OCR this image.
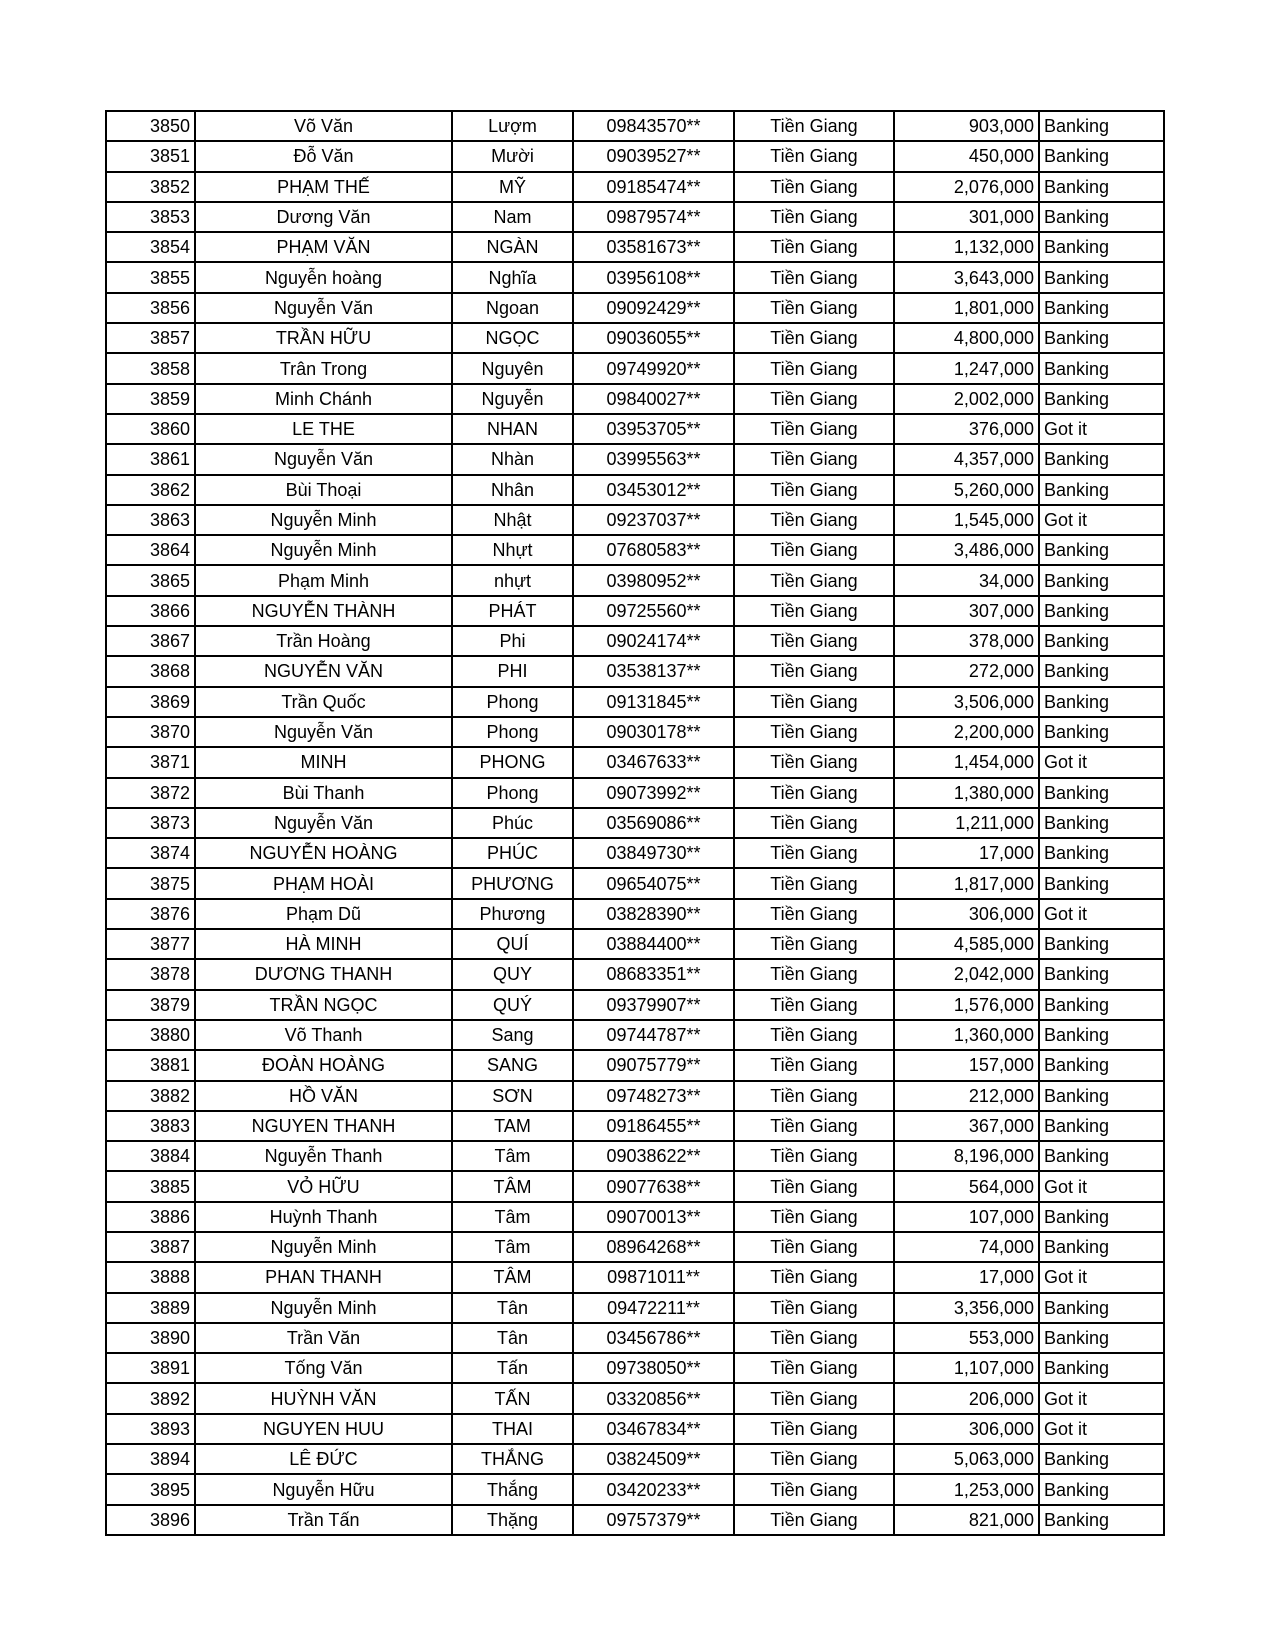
3850	Võ Văn	Lượm	09843570**	Tiền Giang	903,000	Banking
3851	Đỗ Văn	Mười	09039527**	Tiền Giang	450,000	Banking
3852	PHẠM THẾ	MỸ	09185474**	Tiền Giang	2,076,000	Banking
3853	Dương Văn	Nam	09879574**	Tiền Giang	301,000	Banking
3854	PHẠM VĂN	NGÀN	03581673**	Tiền Giang	1,132,000	Banking
3855	Nguyễn hoàng	Nghĩa	03956108**	Tiền Giang	3,643,000	Banking
3856	Nguyễn Văn	Ngoan	09092429**	Tiền Giang	1,801,000	Banking
3857	TRẦN HỮU	NGỌC	09036055**	Tiền Giang	4,800,000	Banking
3858	Trân Trong	Nguyên	09749920**	Tiền Giang	1,247,000	Banking
3859	Minh Chánh	Nguyễn	09840027**	Tiền Giang	2,002,000	Banking
3860	LE THE	NHAN	03953705**	Tiền Giang	376,000	Got it
3861	Nguyễn Văn	Nhàn	03995563**	Tiền Giang	4,357,000	Banking
3862	Bùi Thoại	Nhân	03453012**	Tiền Giang	5,260,000	Banking
3863	Nguyễn Minh	Nhật	09237037**	Tiền Giang	1,545,000	Got it
3864	Nguyễn Minh	Nhựt	07680583**	Tiền Giang	3,486,000	Banking
3865	Phạm Minh	nhựt	03980952**	Tiền Giang	34,000	Banking
3866	NGUYỄN THÀNH	PHÁT	09725560**	Tiền Giang	307,000	Banking
3867	Trần Hoàng	Phi	09024174**	Tiền Giang	378,000	Banking
3868	NGUYỄN VĂN	PHI	03538137**	Tiền Giang	272,000	Banking
3869	Trần Quốc	Phong	09131845**	Tiền Giang	3,506,000	Banking
3870	Nguyễn Văn	Phong	09030178**	Tiền Giang	2,200,000	Banking
3871	MINH	PHONG	03467633**	Tiền Giang	1,454,000	Got it
3872	Bùi Thanh	Phong	09073992**	Tiền Giang	1,380,000	Banking
3873	Nguyễn Văn	Phúc	03569086**	Tiền Giang	1,211,000	Banking
3874	NGUYỄN HOÀNG	PHÚC	03849730**	Tiền Giang	17,000	Banking
3875	PHẠM HOÀI	PHƯƠNG	09654075**	Tiền Giang	1,817,000	Banking
3876	Phạm Dũ	Phương	03828390**	Tiền Giang	306,000	Got it
3877	HÀ MINH	QUÍ	03884400**	Tiền Giang	4,585,000	Banking
3878	DƯƠNG THANH	QUY	08683351**	Tiền Giang	2,042,000	Banking
3879	TRẦN NGỌC	QUÝ	09379907**	Tiền Giang	1,576,000	Banking
3880	Võ Thanh	Sang	09744787**	Tiền Giang	1,360,000	Banking
3881	ĐOÀN HOÀNG	SANG	09075779**	Tiền Giang	157,000	Banking
3882	HỒ VĂN	SƠN	09748273**	Tiền Giang	212,000	Banking
3883	NGUYEN THANH	TAM	09186455**	Tiền Giang	367,000	Banking
3884	Nguyễn Thanh	Tâm	09038622**	Tiền Giang	8,196,000	Banking
3885	VỎ HỮU	TÂM	09077638**	Tiền Giang	564,000	Got it
3886	Huỳnh Thanh	Tâm	09070013**	Tiền Giang	107,000	Banking
3887	Nguyễn Minh	Tâm	08964268**	Tiền Giang	74,000	Banking
3888	PHAN THANH	TÂM	09871011**	Tiền Giang	17,000	Got it
3889	Nguyễn Minh	Tân	09472211**	Tiền Giang	3,356,000	Banking
3890	Trần Văn	Tân	03456786**	Tiền Giang	553,000	Banking
3891	Tống Văn	Tấn	09738050**	Tiền Giang	1,107,000	Banking
3892	HUỲNH VĂN	TẤN	03320856**	Tiền Giang	206,000	Got it
3893	NGUYEN HUU	THAI	03467834**	Tiền Giang	306,000	Got it
3894	LÊ ĐỨC	THẮNG	03824509**	Tiền Giang	5,063,000	Banking
3895	Nguyễn Hữu	Thắng	03420233**	Tiền Giang	1,253,000	Banking
3896	Trần Tấn	Thặng	09757379**	Tiền Giang	821,000	Banking
